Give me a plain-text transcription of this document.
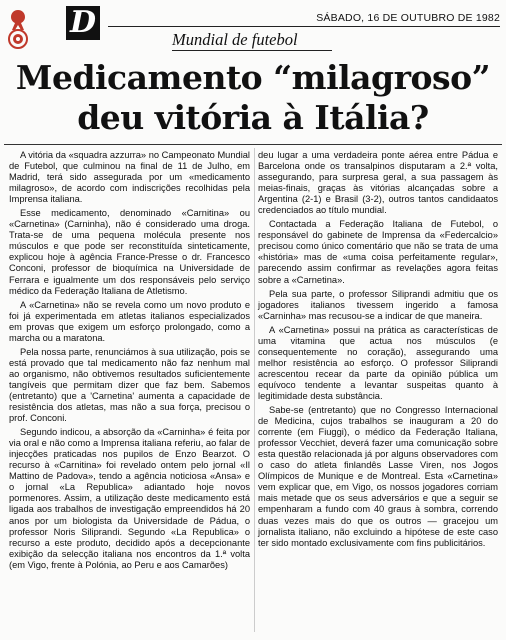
D	SÁBADO, 16 DE OUTUBRO DE 1982
Mundial de futebol
Medicamento “milagroso”
deu vitória à Itália?

A vitória da «squadra azzurra» no Campeonato Mundial de Futebol, que culminou na final de 11 de Julho, em Madrid, terá sido assegurada por um «medicamento milagroso», de acordo com indiscrições recolhidas pela Imprensa italiana.

Esse medicamento, denominado «Carnitina» ou «Carnetina» (Carninha), não é considerado uma droga. Trata-se de uma pequena molécula presente nos músculos e que pode ser reconstituída sinteticamente, explicou hoje à agência France-Presse o dr. Francesco Conconi, professor de bioquímica na Universidade de Ferrara e igualmente um dos responsáveis pelo serviço médico da Federação Italiana de Atletismo.

A «Carnetina» não se revela como um novo produto e foi já experimentada em atletas italianos especializados em provas que exigem um esforço prolongado, como a marcha ou a maratona.

Pela nossa parte, renunciámos à sua utilização, pois se está provado que tal medicamento não faz nenhum mal ao organismo, não obtivemos resultados suficientemente tangíveis que permitam dizer que faz bem. Sabemos (entretanto) que a 'Carnetina' aumenta a capacidade de resistência dos atletas, mas não a sua força, precisou o prof. Conconi.

Segundo indicou, a absorção da «Carninha» é feita por via oral e não como a Imprensa italiana referiu, ao falar de injecções praticadas nos pupilos de Enzo Bearzot. O recurso à «Carnitina» foi revelado ontem pelo jornal «Il Mattino de Padova», tendo a agência noticiosa «Ansa» e o jornal «La Republica» adiantado hoje novos pormenores. Assim, a utilização deste medicamento está ligada aos trabalhos de investigação empreendidos há 20 anos por um biologista da Universidade de Pádua, o professor Noris Siliprandi. Segundo «La Republica» o recurso a este produto, decidido após a decepcionante exibição da selecção italiana nos encontros da 1.ª volta (em Vigo, frente à Polónia, ao Peru e aos Camarões)

deu lugar a uma verdadeira ponte aérea entre Pádua e Barcelona onde os transalpinos disputaram a 2.ª volta, assegurando, para surpresa geral, a sua passagem às meias-finais, graças às vitórias alcançadas sobre a Argentina (2-1) e Brasil (3-2), outros tantos candidaatos credenciados ao título mundial.

Contactada a Federação Italiana de Futebol, o responsável do gabinete de Imprensa da «Federcalcio» precisou como único comentário que não se trata de uma «história» mas de «uma coisa perfeitamente regular», parecendo assim confirmar as revelações agora feitas sobre a «Carnetina».

Pela sua parte, o professor Siliprandi admitiu que os jogadores italianos tivessem ingerido a famosa «Carninha» mas recusou-se a indicar de que maneira.

A «Carnetina» possui na prática as características de uma vitamina que actua nos músculos (e consequentemente no coração), assegurando uma melhor resistência ao esforço. O professor Siliprandi acrescentou recear da parte da opinião pública um equívoco tendente a levantar suspeitas quanto à legitimidade desta substância.

Sabe-se (entretanto) que no Congresso Internacional de Medicina, cujos trabalhos se inauguram a 20 do corrente (em Fiuggi), o médico da Federação Italiana, professor Vecchiet, deverá fazer uma comunicação sobre esta questão relacionada já por alguns observadores com o caso do atleta finlandês Lasse Viren, nos Jogos Olímpicos de Munique e de Montreal. Esta «Carnetina» vem explicar que, em Vigo, os nossos jogadores corriam mais metade que os seus adversários e que a seguir se empenharam a fundo com 40 graus à sombra, correndo duas vezes mais do que os outros — gracejou um jornalista italiano, não excluindo a hipótese de este caso ter sido montado exclusivamente com fins publicitários.
